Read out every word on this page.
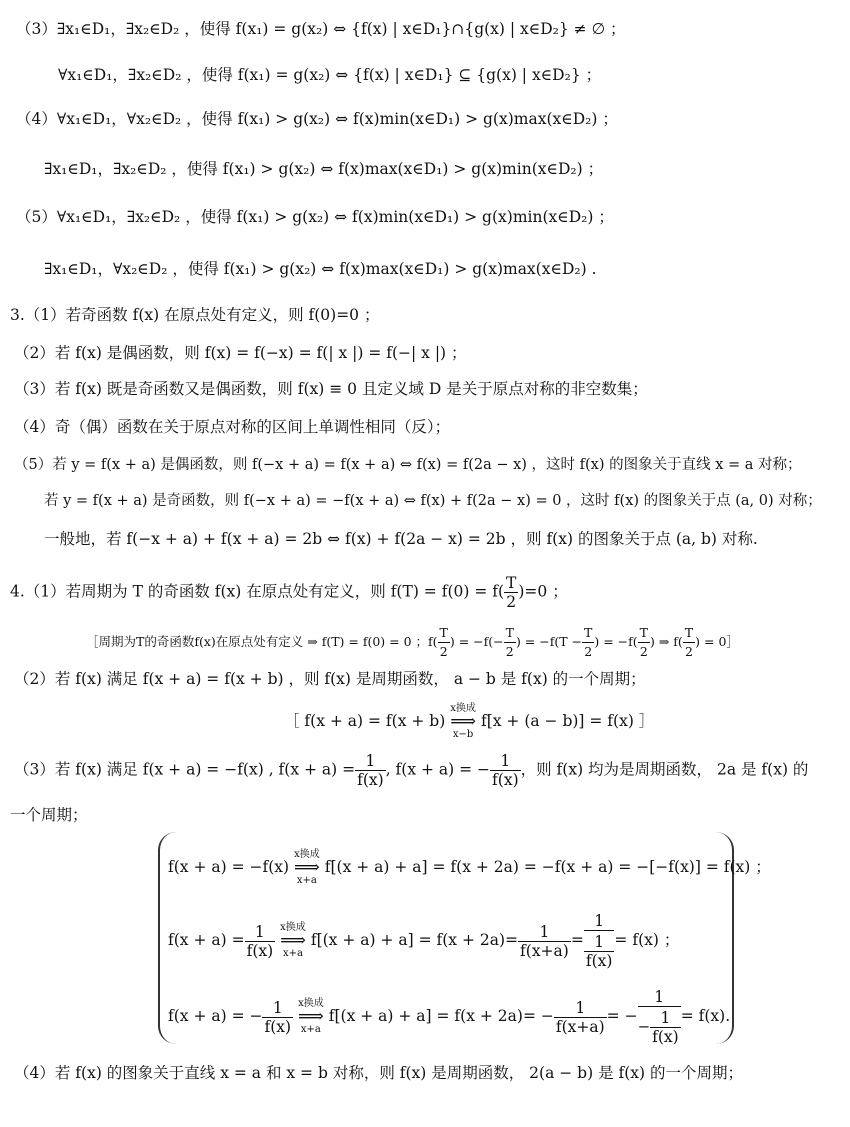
（3）∃x₁∈D₁，∃x₂∈D₂ ，使得 f(x₁) = g(x₂) ⇔ {f(x) | x∈D₁}∩{g(x) | x∈D₂} ≠ ∅ ；
∀x₁∈D₁，∃x₂∈D₂ ，使得 f(x₁) = g(x₂) ⇔ {f(x) | x∈D₁} ⊆ {g(x) | x∈D₂} ；
（4）∀x₁∈D₁，∀x₂∈D₂ ，使得 f(x₁) > g(x₂) ⇔ f(x)min(x∈D₁) > g(x)max(x∈D₂) ；
∃x₁∈D₁，∃x₂∈D₂ ，使得 f(x₁) > g(x₂) ⇔ f(x)max(x∈D₁) > g(x)min(x∈D₂) ；
（5）∀x₁∈D₁，∃x₂∈D₂ ，使得 f(x₁) > g(x₂) ⇔ f(x)min(x∈D₁) > g(x)min(x∈D₂) ；
∃x₁∈D₁，∀x₂∈D₂ ，使得 f(x₁) > g(x₂) ⇔ f(x)max(x∈D₁) > g(x)max(x∈D₂) .
3.（1）若奇函数 f(x) 在原点处有定义，则 f(0)=0 ；
（2）若 f(x) 是偶函数，则 f(x) = f(−x) = f(| x |) = f(−| x |) ；
（3）若 f(x) 既是奇函数又是偶函数，则 f(x) ≡ 0 且定义域 D 是关于原点对称的非空数集；
（4）奇（偶）函数在关于原点对称的区间上单调性相同（反）；
（5）若 y = f(x + a) 是偶函数，则 f(−x + a) = f(x + a) ⇔ f(x) = f(2a − x) ，这时 f(x) 的图象关于直线 x = a 对称；
若 y = f(x + a) 是奇函数，则 f(−x + a) = −f(x + a) ⇔ f(x) + f(2a − x) = 0 ，这时 f(x) 的图象关于点 (a, 0) 对称；
一般地，若 f(−x + a) + f(x + a) = 2b ⇔ f(x) + f(2a − x) = 2b ，则 f(x) 的图象关于点 (a, b) 对称.
4.（1）若周期为 T 的奇函数 f(x) 在原点处有定义，则 $f(T) = f(0) = f( \frac{T}{2} )=0$ ；
［周期为T的奇函数f(x)在原点处有定义 ⇒ f(T) = f(0) = 0 ；$f( \frac{T}{2}$ ) = $-f(- \frac{T}{2}$ ) = $-f(T - \frac{T}{2}$ ) = $-f( \frac{T}{2}$ ) ⇒ $f( \frac{T}{2}$ ) = 0］
（2）若 f(x) 满足 f(x + a) = f(x + b) ，则 f(x) 是周期函数， a − b 是 f(x) 的一个周期；
［ f(x + a) = f(x + b) x换成
⟹
x−b f[x + (a − b)] = f(x) ］
（3）若 f(x) 满足 f(x + a) = −f(x) , $f(x + a) = \frac{1}{f(x)}$ , f(x + a) = − $\frac{1}{f(x)}$ ，则 f(x) 均为是周期函数， 2a 是 f(x) 的
一个周期；
f(x + a) = −f(x) x换成
⟹
x+a f[(x + a) + a] = f(x + 2a) = −f(x + a) = −[−f(x)] = f(x) ；
$f(x + a) = \frac{1}{f(x)}$ x换成
⟹
x+a $f[(x + a) + a] = f(x + 2a)= \frac{1}{f(x+a)} = \frac{1}{\frac{1}{f(x)}} = f(x)$ ；
f(x + a) = − $\frac{1}{f(x)}$ x换成
⟹
x+a $f[(x + a) + a] = f(x + 2a)= - \frac{1}{f(x+a)}$ = − $\frac{1}{- \frac{1}{f(x)}} = f(x)$.
（4）若 f(x) 的图象关于直线 x = a 和 x = b 对称，则 f(x) 是周期函数， 2(a − b) 是 f(x) 的一个周期；
